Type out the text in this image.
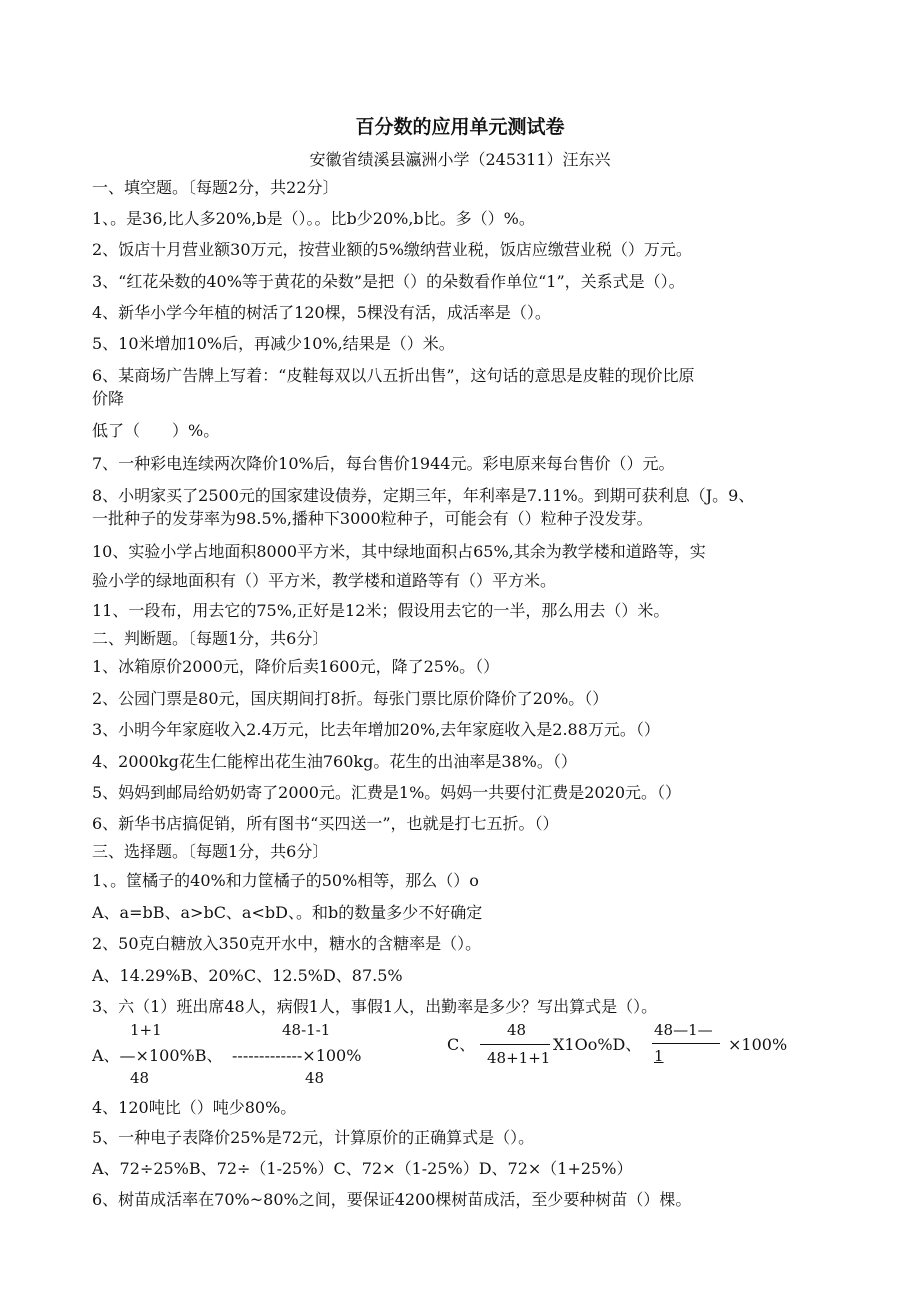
百分数的应用单元测试卷
安徽省绩溪县瀛洲小学（245311）汪东兴
一、填空题。〔每题2分，共22分〕
1、。是36,比人多20%,b是（）。。比b少20%,b比。多（）%。
2、饭店十月营业额30万元，按营业额的5%缴纳营业税，饭店应缴营业税（）万元。
3、“红花朵数的40%等于黄花的朵数”是把（）的朵数看作单位“1”，关系式是（）。
4、新华小学今年植的树活了120棵，5棵没有活，成活率是（）。
5、10米增加10%后，再减少10%,结果是（）米。
6、某商场广告牌上写着：“皮鞋每双以八五折出售”，这句话的意思是皮鞋的现价比原
价降
低了（　　）%。
7、一种彩电连续两次降价10%后，每台售价1944元。彩电原来每台售价（）元。
8、小明家买了2500元的国家建设债券，定期三年，年利率是7.11%。到期可获利息（J。9、
一批种子的发芽率为98.5%,播种下3000粒种子，可能会有（）粒种子没发芽。
10、实验小学占地面积8000平方米，其中绿地面积占65%,其余为教学楼和道路等，实
验小学的绿地面积有（）平方米，教学楼和道路等有（）平方米。
11、一段布，用去它的75%,正好是12米；假设用去它的一半，那么用去（）米。
二、判断题。〔每题1分，共6分〕
1、冰箱原价2000元，降价后卖1600元，降了25%。（）
2、公园门票是80元，国庆期间打8折。每张门票比原价降价了20%。（）
3、小明今年家庭收入2.4万元，比去年增加20%,去年家庭收入是2.88万元。（）
4、2000kg花生仁能榨出花生油760kg。花生的出油率是38%。（）
5、妈妈到邮局给奶奶寄了2000元。汇费是1%。妈妈一共要付汇费是2020元。（）
6、新华书店搞促销，所有图书“买四送一”，也就是打七五折。（）
三、选择题。〔每题1分，共6分〕
1、。筐橘子的40%和力筐橘子的50%相等，那么（）o
A、a=bB、a>bC、a<bD、。和b的数量多少不好确定
2、50克白糖放入350克开水中，糖水的含糖率是（）。
A、14.29%B、20%C、12.5%D、87.5%
3、六（1）班出席48人，病假1人，事假1人，出勤率是多少？写出算式是（）。
1+1
A、—×100%B、
48
48-1-1
-------------×100%
48
C、
48
48+1+1
X1Oo%D、
48—1—
1
×100%
4、120吨比（）吨少80%。
5、一种电子表降价25%是72元，计算原价的正确算式是（）。
A、72÷25%B、72÷（1-25%）C、72×（1-25%）D、72×（1+25%）
6、树苗成活率在70%~80%之间，要保证4200棵树苗成活，至少要种树苗（）棵。
